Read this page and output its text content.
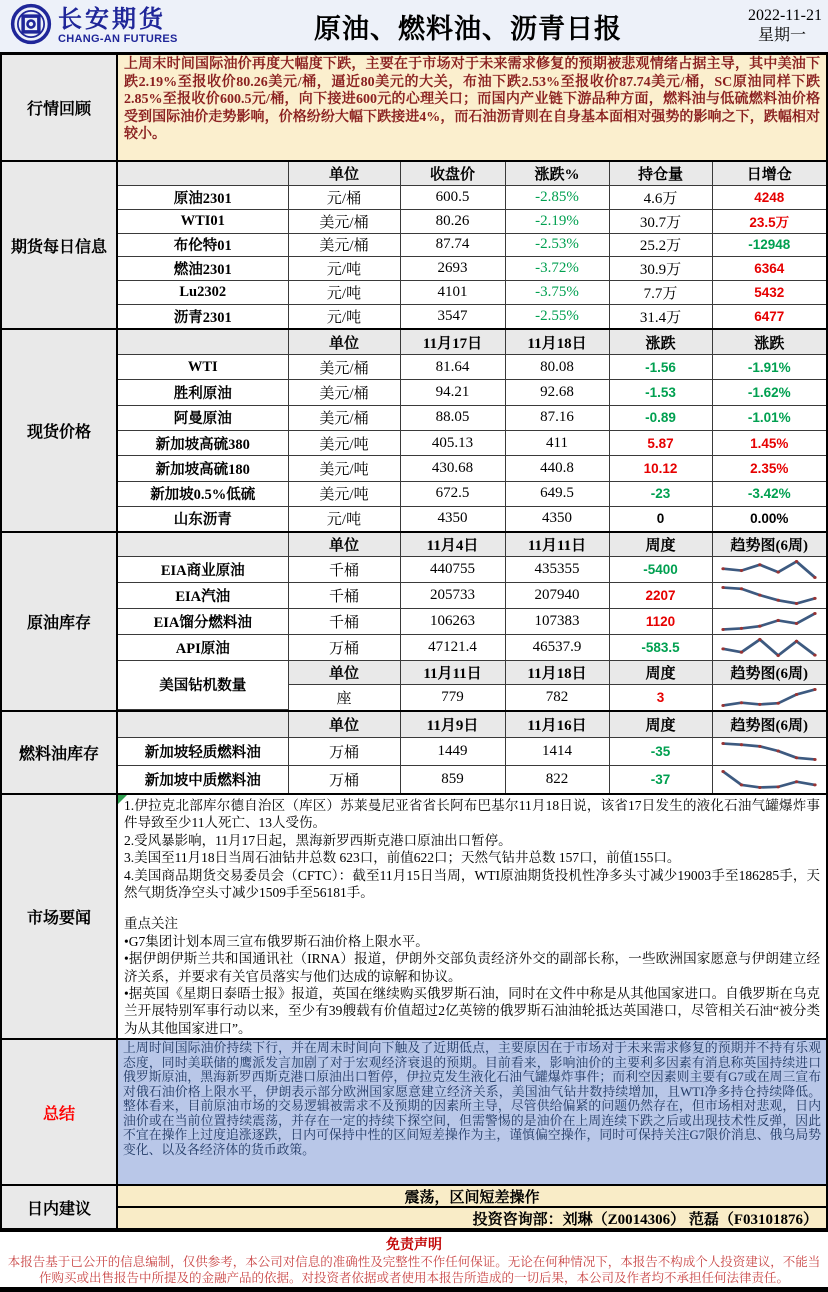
长安期货
CHANG-AN FUTURES	原油、燃料油、沥青日报	2022-11-21
星期一
行情回顾
上周末时间国际油价再度大幅度下跌，主要在于市场对于未来需求修复的预期被悲观情绪占据主导，其中美油下跌2.19%至报收价80.26美元/桶，逼近80美元的大关，布油下跌2.53%至报收价87.74美元/桶，SC原油同样下跌2.85%至报收价600.5元/桶，向下接进600元的心理关口；而国内产业链下游品种方面，燃料油与低硫燃料油价格受到国际油价走势影响，价格纷纷大幅下跌接进4%，而石油沥青则在自身基本面相对强势的影响之下，跌幅相对较小。
期货每日信息
	单位	收盘价	涨跌%	持仓量	日增仓
原油2301	元/桶	600.5	-2.85%	4.6万	4248
WTI01	美元/桶	80.26	-2.19%	30.7万	23.5万
布伦特01	美元/桶	87.74	-2.53%	25.2万	-12948
燃油2301	元/吨	2693	-3.72%	30.9万	6364
Lu2302	元/吨	4101	-3.75%	7.7万	5432
沥青2301	元/吨	3547	-2.55%	31.4万	6477
现货价格
	单位	11月17日	11月18日	涨跌	涨跌
WTI	美元/桶	81.64	80.08	-1.56	-1.91%
胜利原油	美元/桶	94.21	92.68	-1.53	-1.62%
阿曼原油	美元/桶	88.05	87.16	-0.89	-1.01%
新加坡高硫380	美元/吨	405.13	411	5.87	1.45%
新加坡高硫180	美元/吨	430.68	440.8	10.12	2.35%
新加坡0.5%低硫	美元/吨	672.5	649.5	-23	-3.42%
山东沥青	元/吨	4350	4350	0	0.00%
原油库存
	单位	11月4日	11月11日	周度	趋势图(6周)
EIA商业原油	千桶	440755	435355	-5400	

EIA汽油	千桶	205733	207940	2207	

EIA馏分燃料油	千桶	106263	107383	1120	

API原油	万桶	47121.4	46537.9	-583.5	

美国钻机数量	单位	11月11日	11月18日	周度	趋势图(6周)
	座	779	782	3	
燃料油库存
	单位	11月9日	11月16日	周度	趋势图(6周)
新加坡轻质燃料油	万桶	1449	1414	-35	

新加坡中质燃料油	万桶	859	822	-37	
市场要闻

1.伊拉克北部库尔德自治区（库区）苏莱曼尼亚省省长阿布巴基尔11月18日说，该省17日发生的液化石油气罐爆炸事件导致至少11人死亡、13人受伤。

2.受风暴影响，11月17日起，黑海新罗西斯克港口原油出口暂停。

3.美国至11月18日当周石油钻井总数 623口，前值622口；天然气钻井总数 157口，前值155口。

4.美国商品期货交易委员会（CFTC）：截至11月15日当周，WTI原油期货投机性净多头寸减少19003手至186285手，天然气期货净空头寸减少1509手至56181手。

重点关注

•G7集团计划本周三宣布俄罗斯石油价格上限水平。

•据伊朗伊斯兰共和国通讯社（IRNA）报道，伊朗外交部负责经济外交的副部长称，一些欧洲国家愿意与伊朗建立经济关系，并要求有关官员落实与他们达成的谅解和协议。

•据英国《星期日泰晤士报》报道，英国在继续购买俄罗斯石油，同时在文件中称是从其他国家进口。自俄罗斯在乌克兰开展特别军事行动以来，至少有39艘载有价值超过2亿英镑的俄罗斯石油油轮抵达英国港口，尽管相关石油“被分类为从其他国家进口”。

总结
上周时间国际油价持续下行，并在周末时间向下触及了近期低点，主要原因在于市场对于未来需求修复的预期并不持有乐观态度，同时美联储的鹰派发言加剧了对于宏观经济衰退的预期。目前看来，影响油价的主要利多因素有消息称英国持续进口俄罗斯原油，黑海新罗西斯克港口原油出口暂停，伊拉克发生液化石油气罐爆炸事件；而利空因素则主要有G7或在周三宣布对俄石油价格上限水平，伊朗表示部分欧洲国家愿意建立经济关系，美国油气钻井数持续增加，且WTI净多持仓持续降低。整体看来，目前原油市场的交易逻辑被需求不及预期的因素所主导，尽管供给偏紧的问题仍然存在，但市场相对悲观，日内油价或在当前位置持续震荡，并存在一定的持续下探空间，但需警惕的是油价在上周连续下跌之后或出现技术性反弹，因此不宜在操作上过度追涨逐跌，日内可保持中性的区间短差操作为主，谨慎偏空操作，同时可保持关注G7限价消息、俄乌局势变化、以及各经济体的货币政策。
日内建议
震荡，区间短差操作
投资咨询部：刘琳（Z0014306） 范磊（F03101876）

免责声明

本报告基于已公开的信息编制，仅供参考，本公司对信息的准确性及完整性不作任何保证。无论在何种情况下，本报告不构成个人投资建议，不能当作购买或出售报告中所提及的金融产品的依据。对投资者依据或者使用本报告所造成的一切后果，本公司及作者均不承担任何法律责任。
